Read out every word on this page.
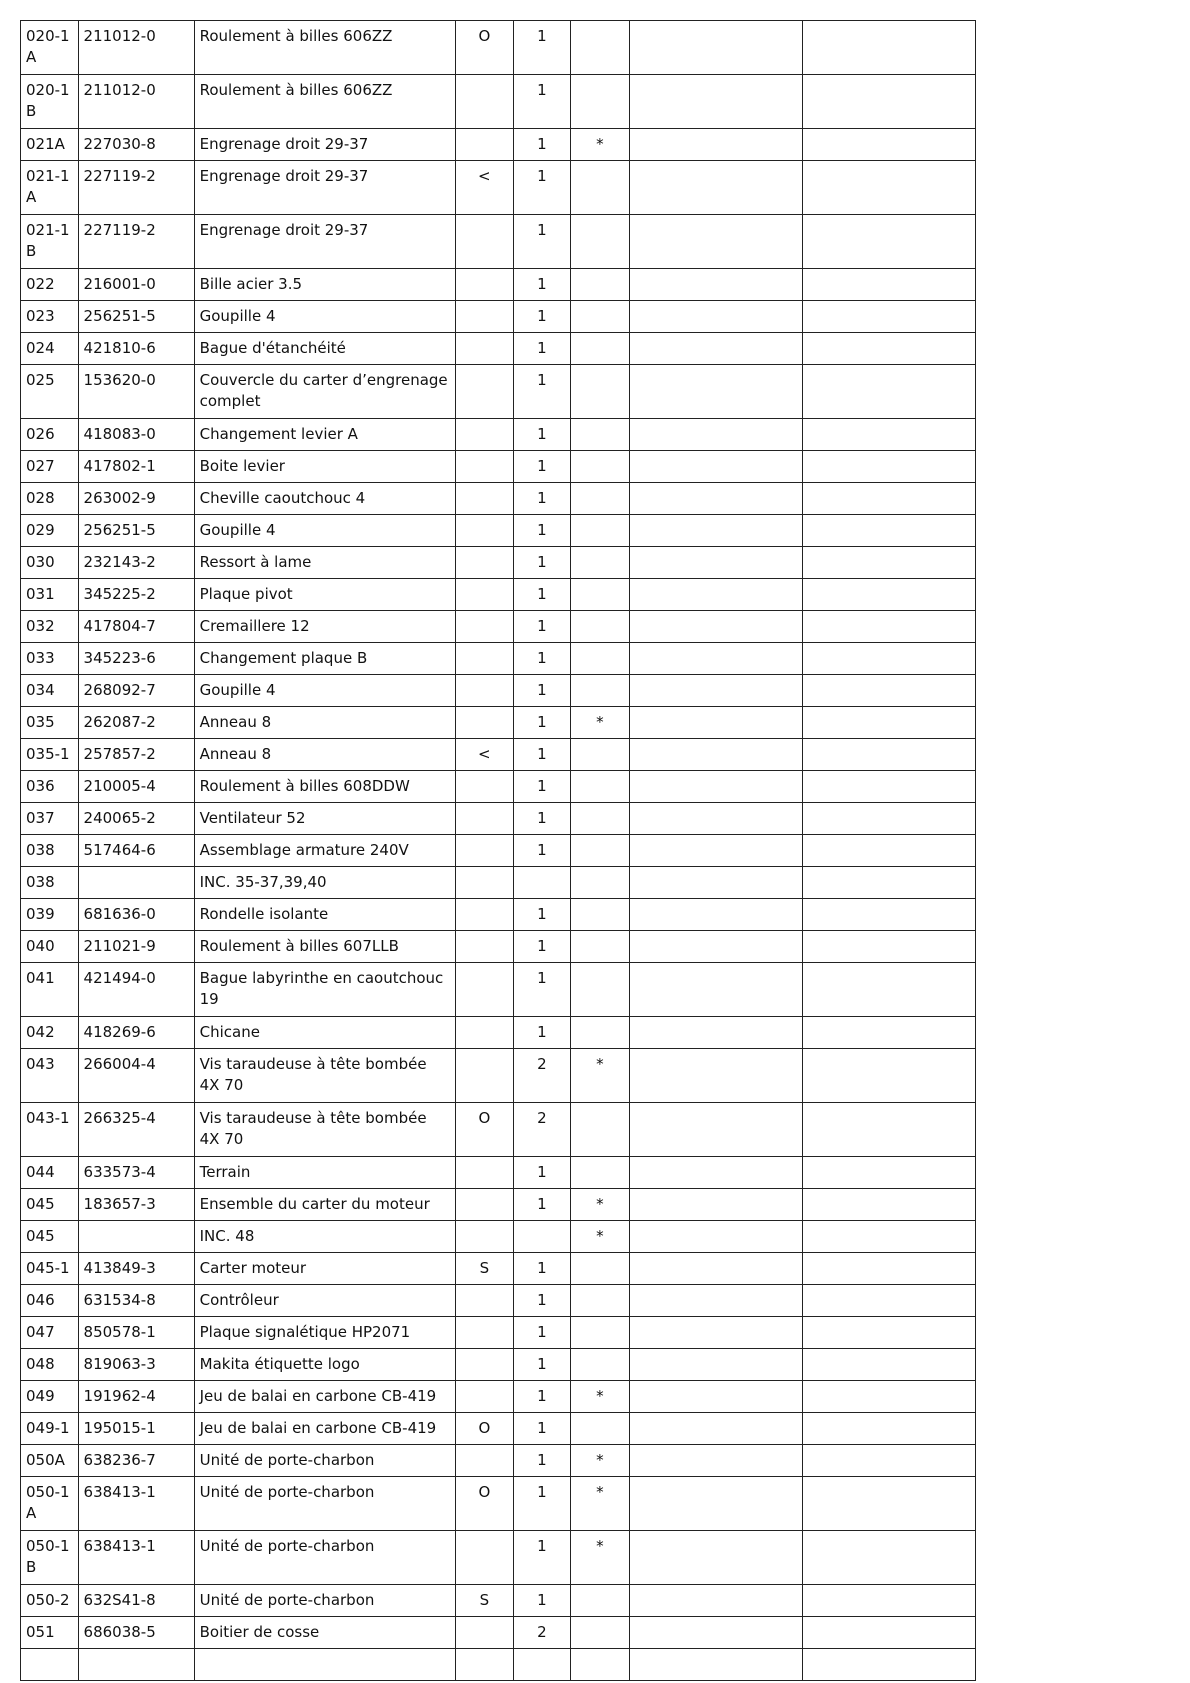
020-1 A	211012-0	Roulement à billes 606ZZ	O	1			
020-1 B	211012-0	Roulement à billes 606ZZ		1			
021A	227030-8	Engrenage droit 29-37		1	*		
021-1 A	227119-2	Engrenage droit 29-37	<	1			
021-1 B	227119-2	Engrenage droit 29-37		1			
022	216001-0	Bille acier 3.5		1			
023	256251-5	Goupille 4		1			
024	421810-6	Bague d'étanchéité		1			
025	153620-0	Couvercle du carter d’engrenage complet		1			
026	418083-0	Changement levier A		1			
027	417802-1	Boite levier		1			
028	263002-9	Cheville caoutchouc 4		1			
029	256251-5	Goupille 4		1			
030	232143-2	Ressort à lame		1			
031	345225-2	Plaque pivot		1			
032	417804-7	Cremaillere 12		1			
033	345223-6	Changement plaque B		1			
034	268092-7	Goupille 4		1			
035	262087-2	Anneau 8		1	*		
035-1	257857-2	Anneau 8	<	1			
036	210005-4	Roulement à billes 608DDW		1			
037	240065-2	Ventilateur 52		1			
038	517464-6	Assemblage armature 240V		1			
038		INC. 35-37,39,40					
039	681636-0	Rondelle isolante		1			
040	211021-9	Roulement à billes 607LLB		1			
041	421494-0	Bague labyrinthe en caoutchouc 19		1			
042	418269-6	Chicane		1			
043	266004-4	Vis taraudeuse à tête bombée 4X 70		2	*		
043-1	266325-4	Vis taraudeuse à tête bombée 4X 70	O	2			
044	633573-4	Terrain		1			
045	183657-3	Ensemble du carter du moteur		1	*		
045		INC. 48			*		
045-1	413849-3	Carter moteur	S	1			
046	631534-8	Contrôleur		1			
047	850578-1	Plaque signalétique HP2071		1			
048	819063-3	Makita étiquette logo		1			
049	191962-4	Jeu de balai en carbone CB-419		1	*		
049-1	195015-1	Jeu de balai en carbone CB-419	O	1			
050A	638236-7	Unité de porte-charbon		1	*		
050-1 A	638413-1	Unité de porte-charbon	O	1	*		
050-1 B	638413-1	Unité de porte-charbon		1	*		
050-2	632S41-8	Unité de porte-charbon	S	1			
051	686038-5	Boitier de cosse		2			
